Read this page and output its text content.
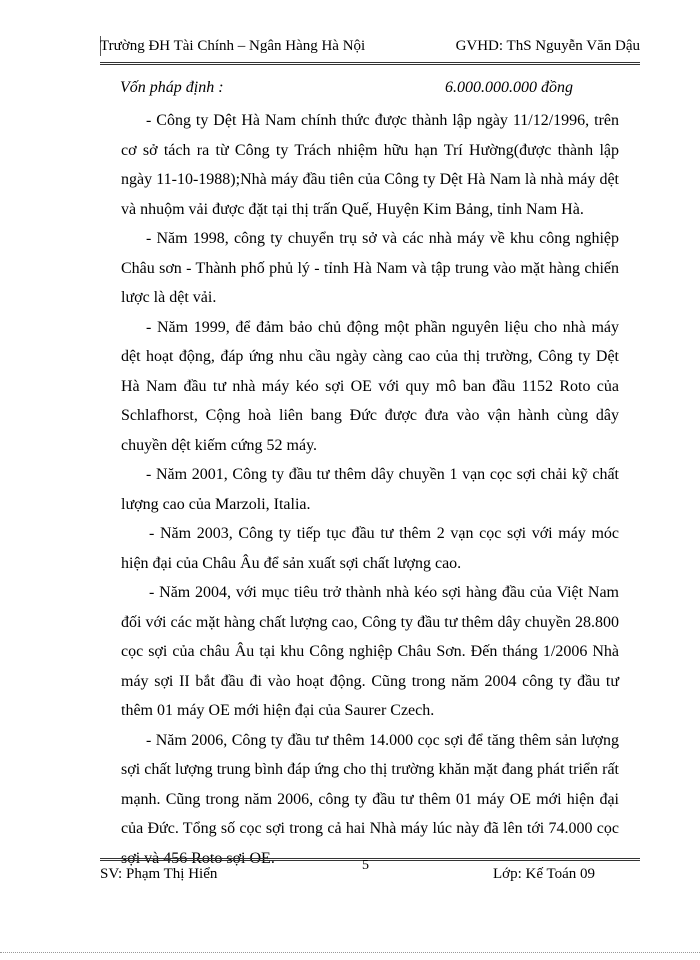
Trường ĐH Tài Chính – Ngân Hàng Hà Nội	GVHD: ThS Nguyễn Văn Dậu
Vốn pháp định :	6.000.000.000 đồng

- Công ty Dệt Hà Nam chính thức được thành lập ngày 11/12/1996, trên cơ sở tách ra từ Công ty Trách nhiệm hữu hạn Trí Hường(được thành lập ngày 11-10-1988);Nhà máy đầu tiên của Công ty Dệt Hà Nam là nhà máy dệt và nhuộm vải được đặt tại thị trấn Quế, Huyện Kim Bảng, tỉnh Nam Hà.

- Năm 1998, công ty chuyển trụ sở và các nhà máy về khu công nghiệp Châu sơn - Thành phố phủ lý - tỉnh Hà Nam và tập trung vào mặt hàng chiến lược là dệt vải.

- Năm 1999, để đảm bảo chủ động một phần nguyên liệu cho nhà máy dệt hoạt động, đáp ứng nhu cầu ngày càng cao của thị trường, Công ty Dệt Hà Nam đầu tư nhà máy kéo sợi OE với quy mô ban đầu 1152 Roto của Schlafhorst, Cộng hoà liên bang Đức được đưa vào vận hành cùng dây chuyền dệt kiếm cứng 52 máy.

- Năm 2001, Công ty đầu tư thêm dây chuyền 1 vạn cọc sợi chải kỹ chất lượng cao của Marzoli, Italia.

- Năm 2003, Công ty tiếp tục đầu tư thêm 2 vạn cọc sợi với máy móc hiện đại của Châu Âu để sản xuất sợi chất lượng cao.

- Năm 2004, với mục tiêu trở thành nhà kéo sợi hàng đầu của Việt Nam đối với các mặt hàng chất lượng cao, Công ty đầu tư thêm dây chuyền 28.800 cọc sợi của châu Âu tại khu Công nghiệp Châu Sơn. Đến tháng 1/2006 Nhà máy sợi II bắt đầu đi vào hoạt động. Cũng trong năm 2004 công ty đầu tư thêm 01 máy OE mới hiện đại của Saurer Czech.

- Năm 2006, Công ty đầu tư thêm 14.000 cọc sợi để tăng thêm sản lượng sợi chất lượng trung bình đáp ứng cho thị trường khăn mặt đang phát triển rất mạnh. Cũng trong năm 2006, công ty đầu tư thêm 01 máy OE mới hiện đại của Đức. Tổng số cọc sợi trong cả hai Nhà máy lúc này đã lên tới 74.000 cọc sợi và 456 Roto sợi OE.	5
SV: Phạm Thị Hiển	Lớp: Kế Toán 09
